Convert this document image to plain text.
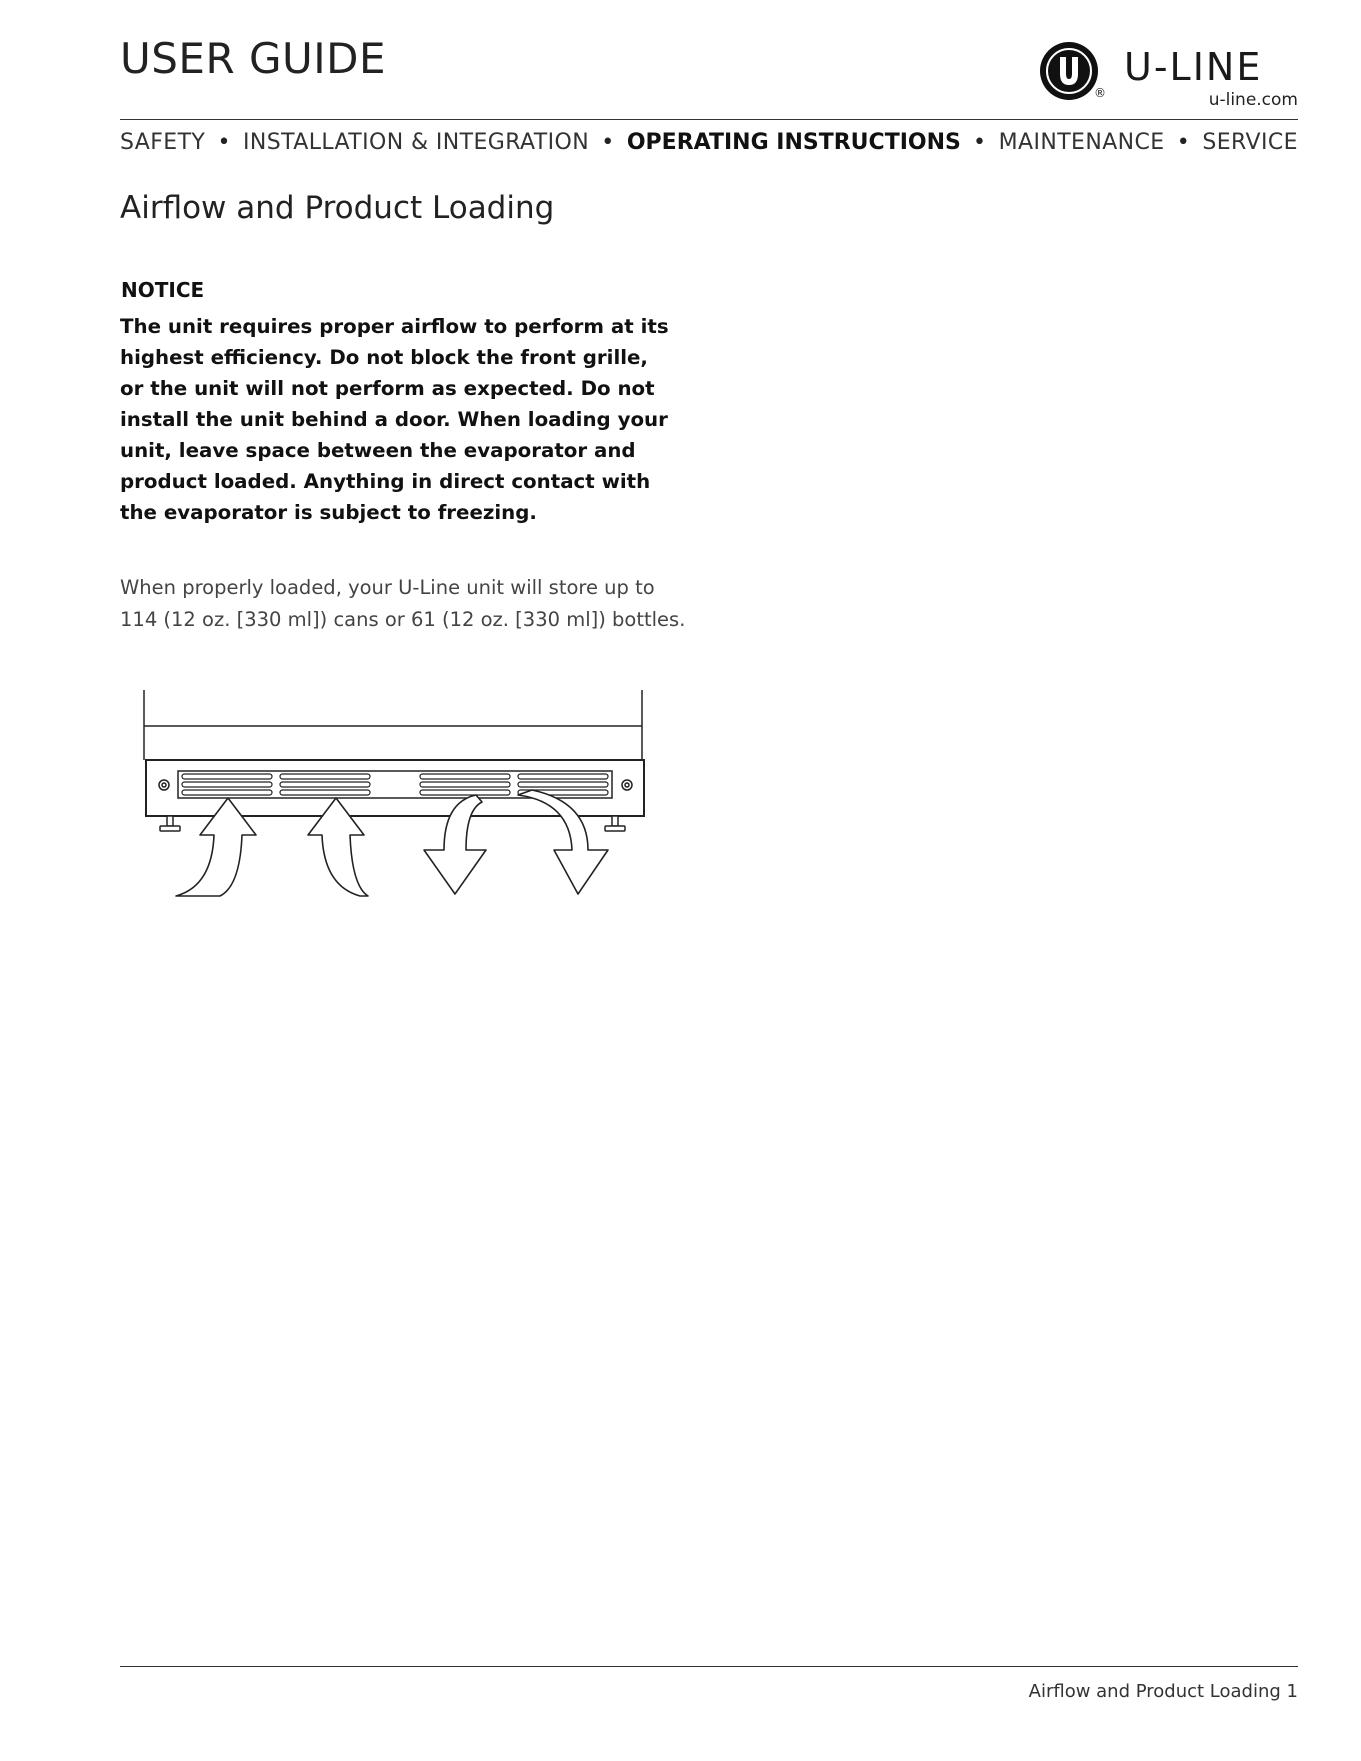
USER GUIDE
®
U-LINE
u-line.com
SAFETY • INSTALLATION & INTEGRATION • OPERATING INSTRUCTIONS • MAINTENANCE • SERVICE
Airflow and Product Loading
NOTICE

The unit requires proper airflow to perform at its
highest efficiency. Do not block the front grille,
or the unit will not perform as expected. Do not
install the unit behind a door. When loading your
unit, leave space between the evaporator and
product loaded. Anything in direct contact with
the evaporator is subject to freezing.

When properly loaded, your U-Line unit will store up to
114 (12 oz. [330 ml]) cans or 61 (12 oz. [330 ml]) bottles.

Airflow and Product Loading 1
